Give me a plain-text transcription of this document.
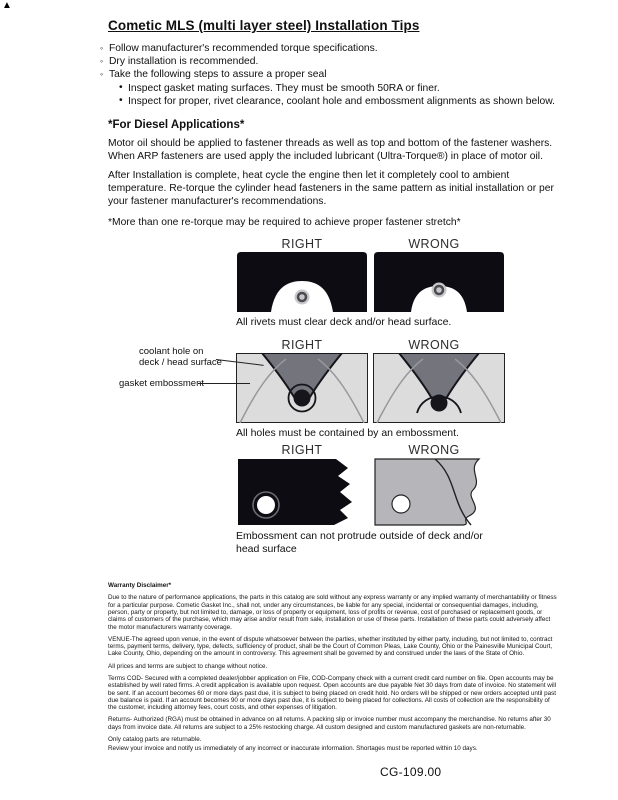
▲
Cometic MLS (multi layer steel) Installation Tips
◦ Follow manufacturer's recommended torque specifications.
◦ Dry installation is recommended.
◦ Take the following steps to assure a proper seal
• Inspect gasket mating surfaces. They must be smooth 50RA or finer.
• Inspect for proper, rivet clearance, coolant hole and embossment alignments as shown below.
*For Diesel Applications*

Motor oil should be applied to fastener threads as well as top and bottom of the fastener washers. When ARP fasteners are used apply the included lubricant (Ultra-Torque®) in place of motor oil.

After Installation is complete, heat cycle the engine then let it completely cool to ambient temperature. Re-torque the cylinder head fasteners in the same pattern as initial installation or per your fastener manufacturer's recommendations.

*More than one re-torque may be required to achieve proper fastener stretch*

RIGHT	WRONG
All rivets must clear deck and/or head surface.
coolant hole on
deck / head surface
gasket embossment
RIGHT	WRONG
All holes must be contained by an embossment.
RIGHT	WRONG
Embossment can not protrude outside of deck and/or head surface
Warranty Disclaimer*

Due to the nature of performance applications, the parts in this catalog are sold without any express warranty or any implied warranty of merchantability or fitness for a particular purpose. Cometic Gasket Inc., shall not, under any circumstances, be liable for any special, incidental or consequential damages, including, person, party or property, but not limited to, damage, or loss of property or equipment, loss of profits or revenue, cost of purchased or replacement goods, or claims of customers of the purchase, which may arise and/or result from sale, installation or use of these parts. Installation of these parts could adversely affect the motor manufacturers warranty coverage.

VENUE-The agreed upon venue, in the event of dispute whatsoever between the parties, whether instituted by either party, including, but not limited to, contract terms, payment terms, delivery, type, defects, sufficiency of product, shall be the Court of Common Pleas, Lake County, Ohio or the Painesville Municipal Court, Lake County, Ohio, depending on the amount in controversy. This agreement shall be governed by and construed under the laws of the State of Ohio.

All prices and terms are subject to change without notice.

Terms COD- Secured with a completed dealer/jobber application on File, COD-Company check with a current credit card number on file. Open accounts may be established by well rated firms. A credit application is available upon request. Open accounts are due payable Net 30 days from date of invoice. No statement will be sent. If an account becomes 60 or more days past due, it is subject to being placed on credit hold. No orders will be shipped or new orders accepted until past due balance is paid. If an account becomes 90 or more days past due, it is subject to being placed for collections. All costs of collection are the responsibility of the customer, including attorney fees, court costs, and other expenses of litigation.

Returns- Authorized (RGA) must be obtained in advance on all returns. A packing slip or invoice number must accompany the merchandise. No returns after 30 days from invoice date. All returns are subject to a 25% restocking charge. All custom designed and custom manufactured gaskets are non-returnable.

Only catalog parts are returnable.

Review your invoice and notify us immediately of any incorrect or inaccurate information. Shortages must be reported within 10 days.

CG-109.00
